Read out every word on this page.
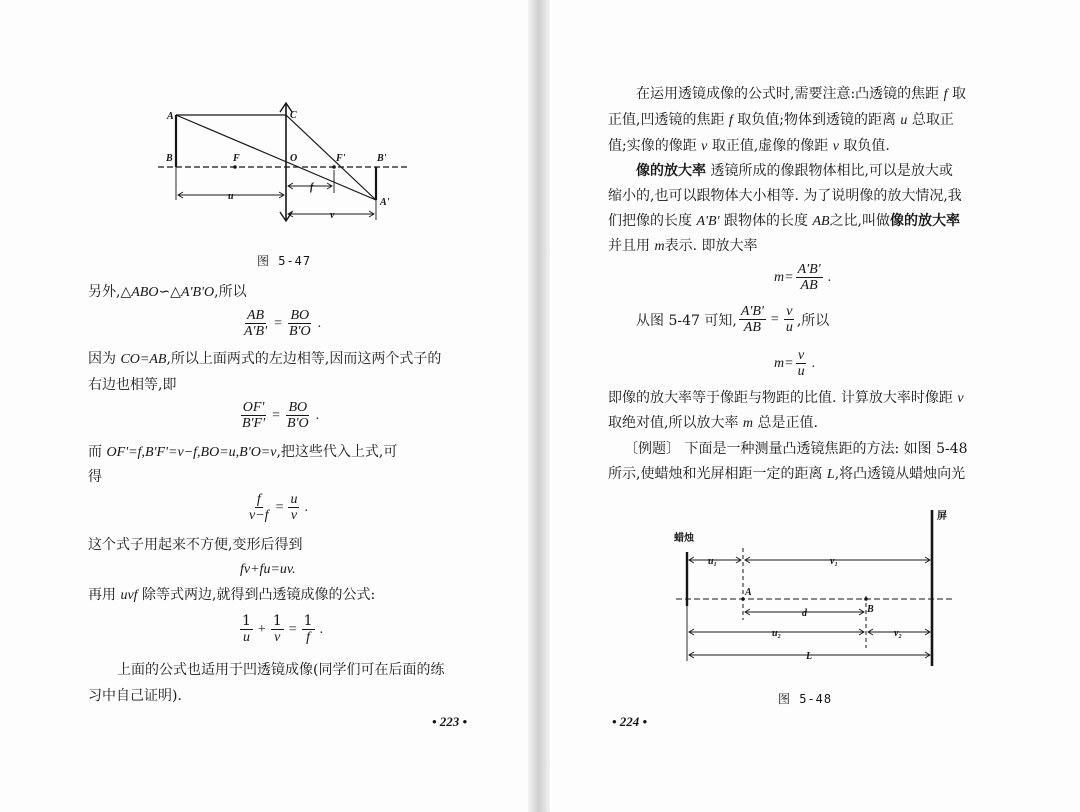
A	C
B	F	O	F'	B'
A'
u
f
v
图 5-47
另外,△ABO∽△A'B'O,所以
$\frac{AB}{A'B'} = \frac{BO}{B'O}$ .
因为 CO=AB,所以上面两式的左边相等,因而这两个式子的
右边也相等,即
$\frac{OF'}{B'F'} = \frac{BO}{B'O}$ .
而 OF'=f,B'F'=v−f,BO=u,B'O=v,把这些代入上式,可
得
$\frac{f}{v-f} = \frac{u}{v}$ .
这个式子用起来不方便,变形后得到
fv+fu=uv.
再用 uvf 除等式两边,就得到凸透镜成像的公式:
$\frac{1}{u} + \frac{1}{v} = \frac{1}{f}$ .
上面的公式也适用于凹透镜成像(同学们可在后面的练
习中自己证明).
• 223 •
在运用透镜成像的公式时,需要注意:凸透镜的焦距 f 取
正值,凹透镜的焦距 f 取负值;物体到透镜的距离 u 总取正
值;实像的像距 v 取正值,虚像的像距 v 取负值.
像的放大率 透镜所成的像跟物体相比,可以是放大或
缩小的,也可以跟物体大小相等. 为了说明像的放大情况,我
们把像的长度 A'B' 跟物体的长度 AB之比,叫做像的放大率
并且用 m表示. 即放大率
$m= \frac{A'B'}{AB}$ .
从图 5-47 可知, $\frac{A'B'}{AB} = \frac{v}{u}$ ,所以
$m= \frac{v}{u}$ .
即像的放大率等于像距与物距的比值. 计算放大率时像距 v
取绝对值,所以放大率 m 总是正值.
〔例题〕 下面是一种测量凸透镜焦距的方法: 如图 5-48
所示,使蜡烛和光屏相距一定的距离 L,将凸透镜从蜡烛向光
蜡烛
屏
u₁	v₁
A
B
d
u₂	v₂
L
图 5-48
• 224 •
